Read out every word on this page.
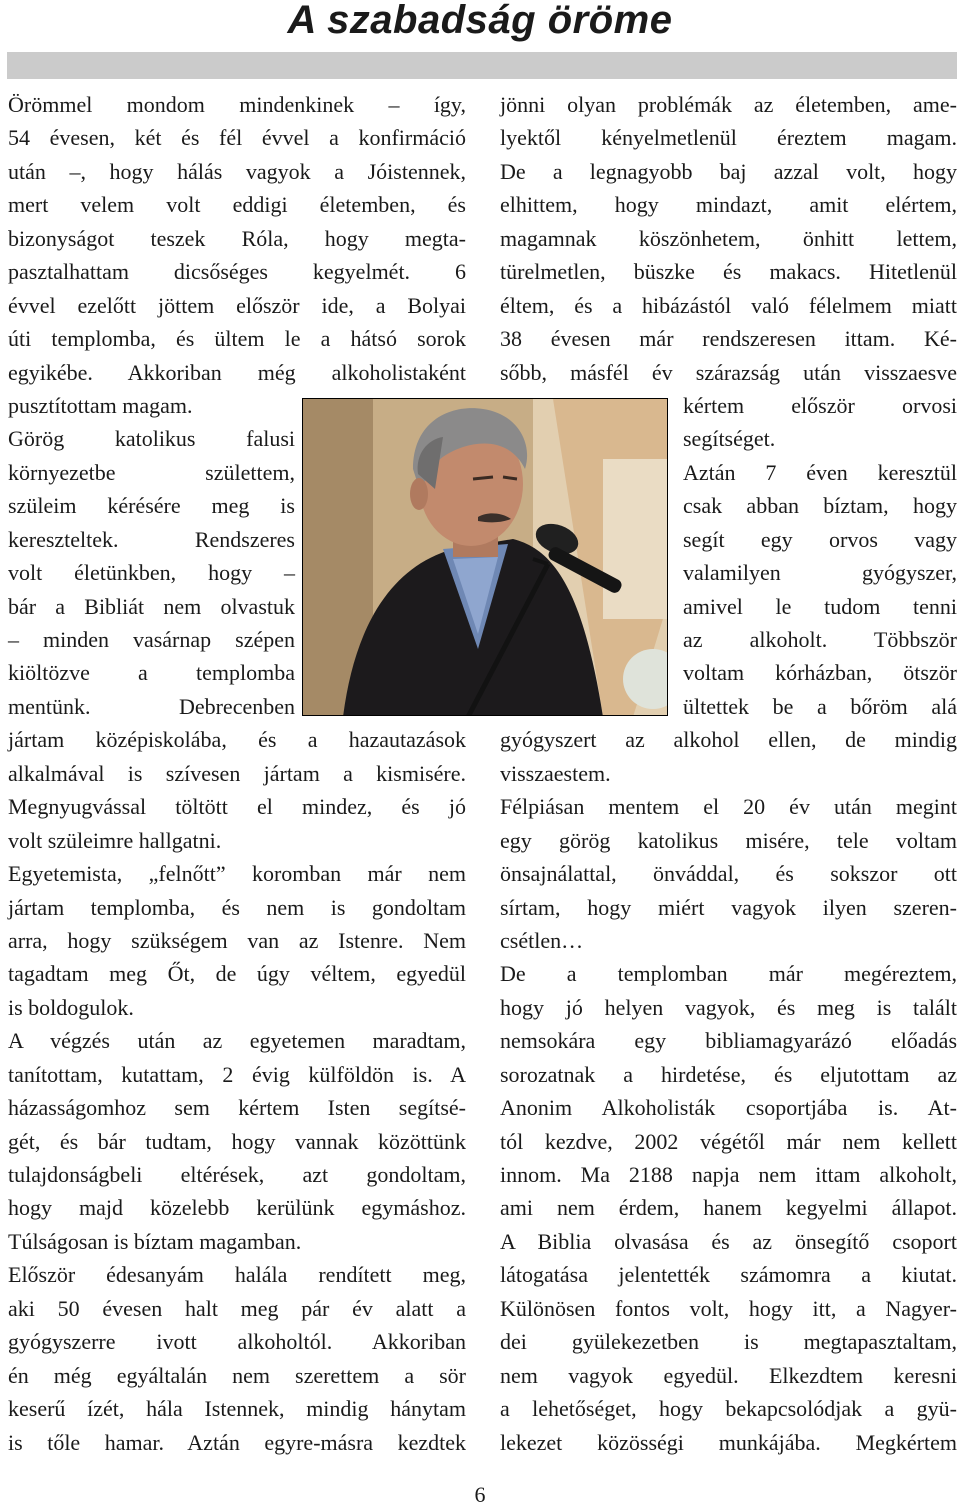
A szabadság öröme
Örömmel mondom mindenkinek – így,
54 évesen, két és fél évvel a konfirmáció
után –, hogy hálás vagyok a Jóistennek,
mert velem volt eddigi életemben, és
bizonyságot teszek Róla, hogy megta-
pasztalhattam dicsőséges kegyelmét. 6
évvel ezelőtt jöttem először ide, a Bolyai
úti templomba, és ültem le a hátsó sorok
egyikébe. Akkoriban még alkoholistaként
pusztítottam magam.
Görög katolikus falusi
környezetbe születtem,
szüleim kérésére meg is
kereszteltek. Rendszeres
volt életünkben, hogy –
bár a Bibliát nem olvastuk
– minden vasárnap szépen
kiöltözve a templomba
mentünk. Debrecenben
jártam középiskolába, és a hazautazások
alkalmával is szívesen jártam a kismisére.
Megnyugvással töltött el mindez, és jó
volt szüleimre hallgatni.
Egyetemista, „felnőtt” koromban már nem
jártam templomba, és nem is gondoltam
arra, hogy szükségem van az Istenre. Nem
tagadtam meg Őt, de úgy véltem, egyedül
is boldogulok.
A végzés után az egyetemen maradtam,
tanítottam, kutattam, 2 évig külföldön is. A
házasságomhoz sem kértem Isten segítsé-
gét, és bár tudtam, hogy vannak közöttünk
tulajdonságbeli eltérések, azt gondoltam,
hogy majd közelebb kerülünk egymáshoz.
Túlságosan is bíztam magamban.
Először édesanyám halála rendített meg,
aki 50 évesen halt meg pár év alatt a
gyógyszerre ivott alkoholtól. Akkoriban
én még egyáltalán nem szerettem a sör
keserű ízét, hála Istennek, mindig hánytam
is tőle hamar. Aztán egyre-másra kezdtek
jönni olyan problémák az életemben, ame-
lyektől kényelmetlenül éreztem magam.
De a legnagyobb baj azzal volt, hogy
elhittem, hogy mindazt, amit elértem,
magamnak köszönhetem, önhitt lettem,
türelmetlen, büszke és makacs. Hitetlenül
éltem, és a hibázástól való félelmem miatt
38 évesen már rendszeresen ittam. Ké-
sőbb, másfél év szárazság után visszaesve
kértem először orvosi
segítséget.
Aztán 7 éven keresztül
csak abban bíztam, hogy
segít egy orvos vagy
valamilyen gyógyszer,
amivel le tudom tenni
az alkoholt. Többször
voltam kórházban, ötször
ültettek be a bőröm alá
gyógyszert az alkohol ellen, de mindig
visszaestem.
Félpiásan mentem el 20 év után megint
egy görög katolikus misére, tele voltam
önsajnálattal, önváddal, és sokszor ott
sírtam, hogy miért vagyok ilyen szeren-
csétlen…
De a templomban már megéreztem,
hogy jó helyen vagyok, és meg is talált
nemsokára egy bibliamagyarázó előadás
sorozatnak a hirdetése, és eljutottam az
Anonim Alkoholisták csoportjába is. At-
tól kezdve, 2002 végétől már nem kellett
innom. Ma 2188 napja nem ittam alkoholt,
ami nem érdem, hanem kegyelmi állapot.
A Biblia olvasása és az önsegítő csoport
látogatása jelentették számomra a kiutat.
Különösen fontos volt, hogy itt, a Nagyer-
dei gyülekezetben is megtapasztaltam,
nem vagyok egyedül. Elkezdtem keresni
a lehetőséget, hogy bekapcsolódjak a gyü-
lekezet közösségi munkájába. Megkértem
6
